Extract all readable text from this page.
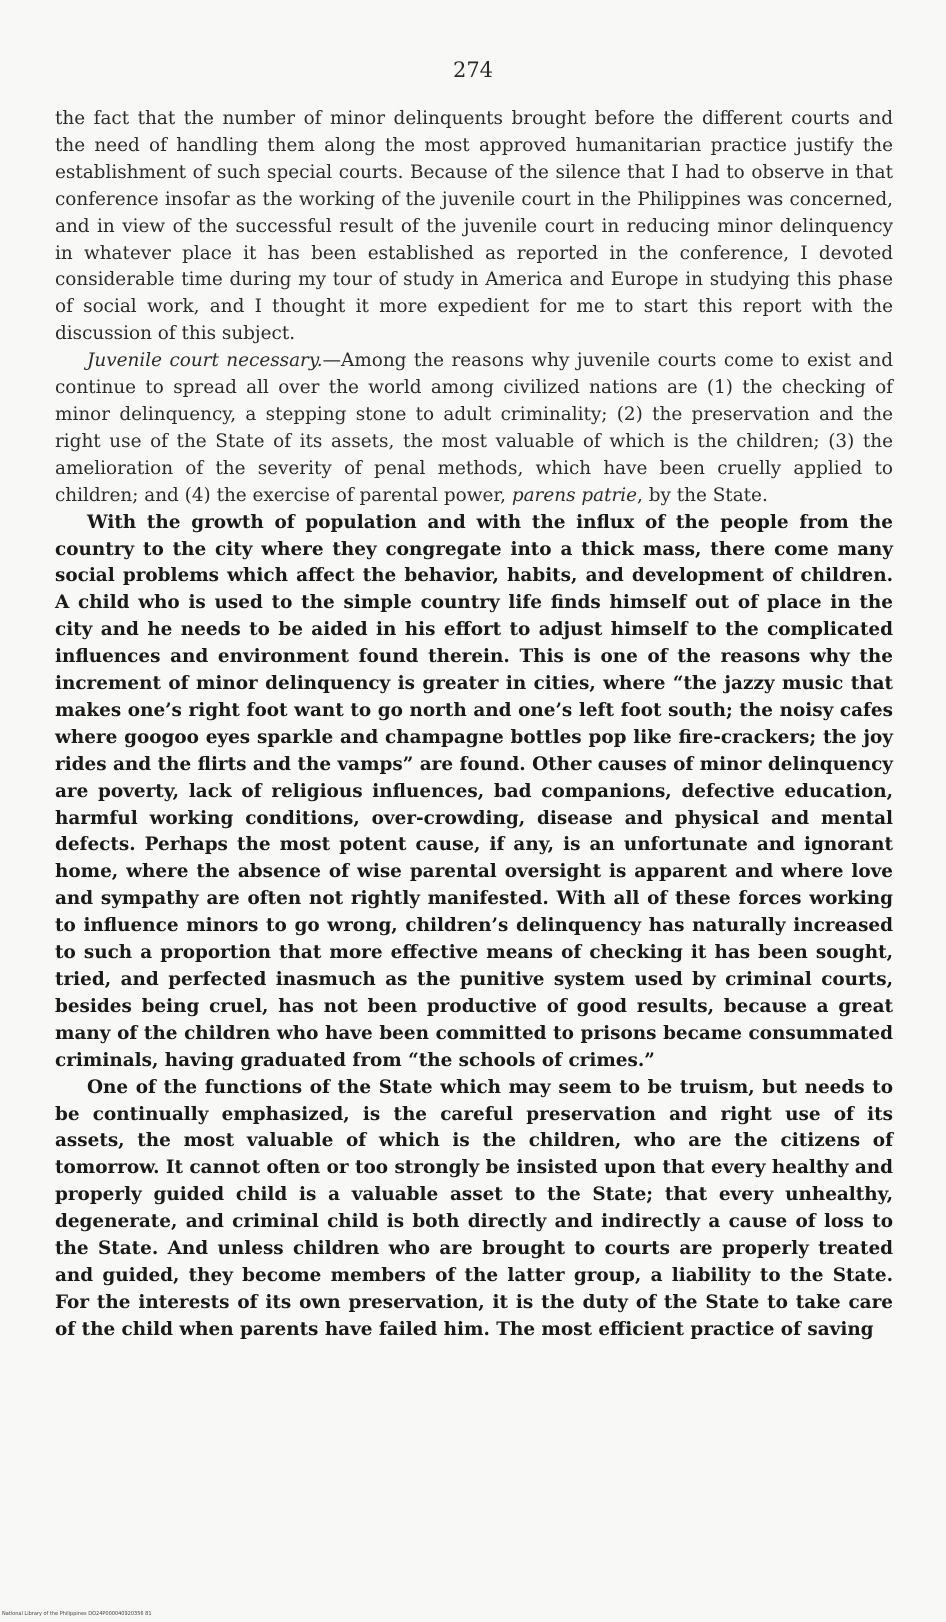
274

the fact that the number of minor delinquents brought before the different courts and the need of handling them along the most approved humanitarian practice justify the establishment of such special courts. Because of the silence that I had to observe in that conference insofar as the working of the juvenile court in the Philippines was concerned, and in view of the successful result of the juvenile court in reducing minor delinquency in whatever place it has been established as reported in the conference, I devoted considerable time during my tour of study in America and Europe in studying this phase of social work, and I thought it more expedient for me to start this report with the discussion of this subject.

Juvenile court necessary.—Among the reasons why juvenile courts come to exist and continue to spread all over the world among civilized nations are (1) the checking of minor delinquency, a stepping stone to adult criminality; (2) the preservation and the right use of the State of its assets, the most valuable of which is the children; (3) the amelioration of the severity of penal methods, which have been cruelly applied to children; and (4) the exercise of parental power, parens patrie, by the State.

With the growth of population and with the influx of the people from the country to the city where they congregate into a thick mass, there come many social problems which affect the behavior, habits, and development of children. A child who is used to the simple country life finds himself out of place in the city and he needs to be aided in his effort to adjust himself to the complicated influences and environment found therein. This is one of the reasons why the increment of minor delinquency is greater in cities, where “the jazzy music that makes one’s right foot want to go north and one’s left foot south; the noisy cafes where googoo eyes sparkle and champagne bottles pop like fire-crackers; the joy rides and the flirts and the vamps” are found. Other causes of minor delinquency are poverty, lack of religious influences, bad companions, defective education, harmful working conditions, over-crowding, disease and physical and mental defects. Perhaps the most potent cause, if any, is an unfortunate and ignorant home, where the absence of wise parental oversight is apparent and where love and sympathy are often not rightly manifested. With all of these forces working to influence minors to go wrong, children’s delinquency has naturally increased to such a proportion that more effective means of checking it has been sought, tried, and perfected inasmuch as the punitive system used by criminal courts, besides being cruel, has not been productive of good results, because a great many of the children who have been committed to prisons became consummated criminals, having graduated from “the schools of crimes.”

One of the functions of the State which may seem to be truism, but needs to be continually emphasized, is the careful preservation and right use of its assets, the most valuable of which is the children, who are the citizens of tomorrow. It cannot often or too strongly be insisted upon that every healthy and properly guided child is a valuable asset to the State; that every unhealthy, degenerate, and criminal child is both directly and indirectly a cause of loss to the State. And unless children who are brought to courts are properly treated and guided, they become members of the latter group, a liability to the State. For the interests of its own preservation, it is the duty of the State to take care of the child when parents have failed him. The most efficient practice of saving

National Library of the Philippines DO24P000040920356 81
